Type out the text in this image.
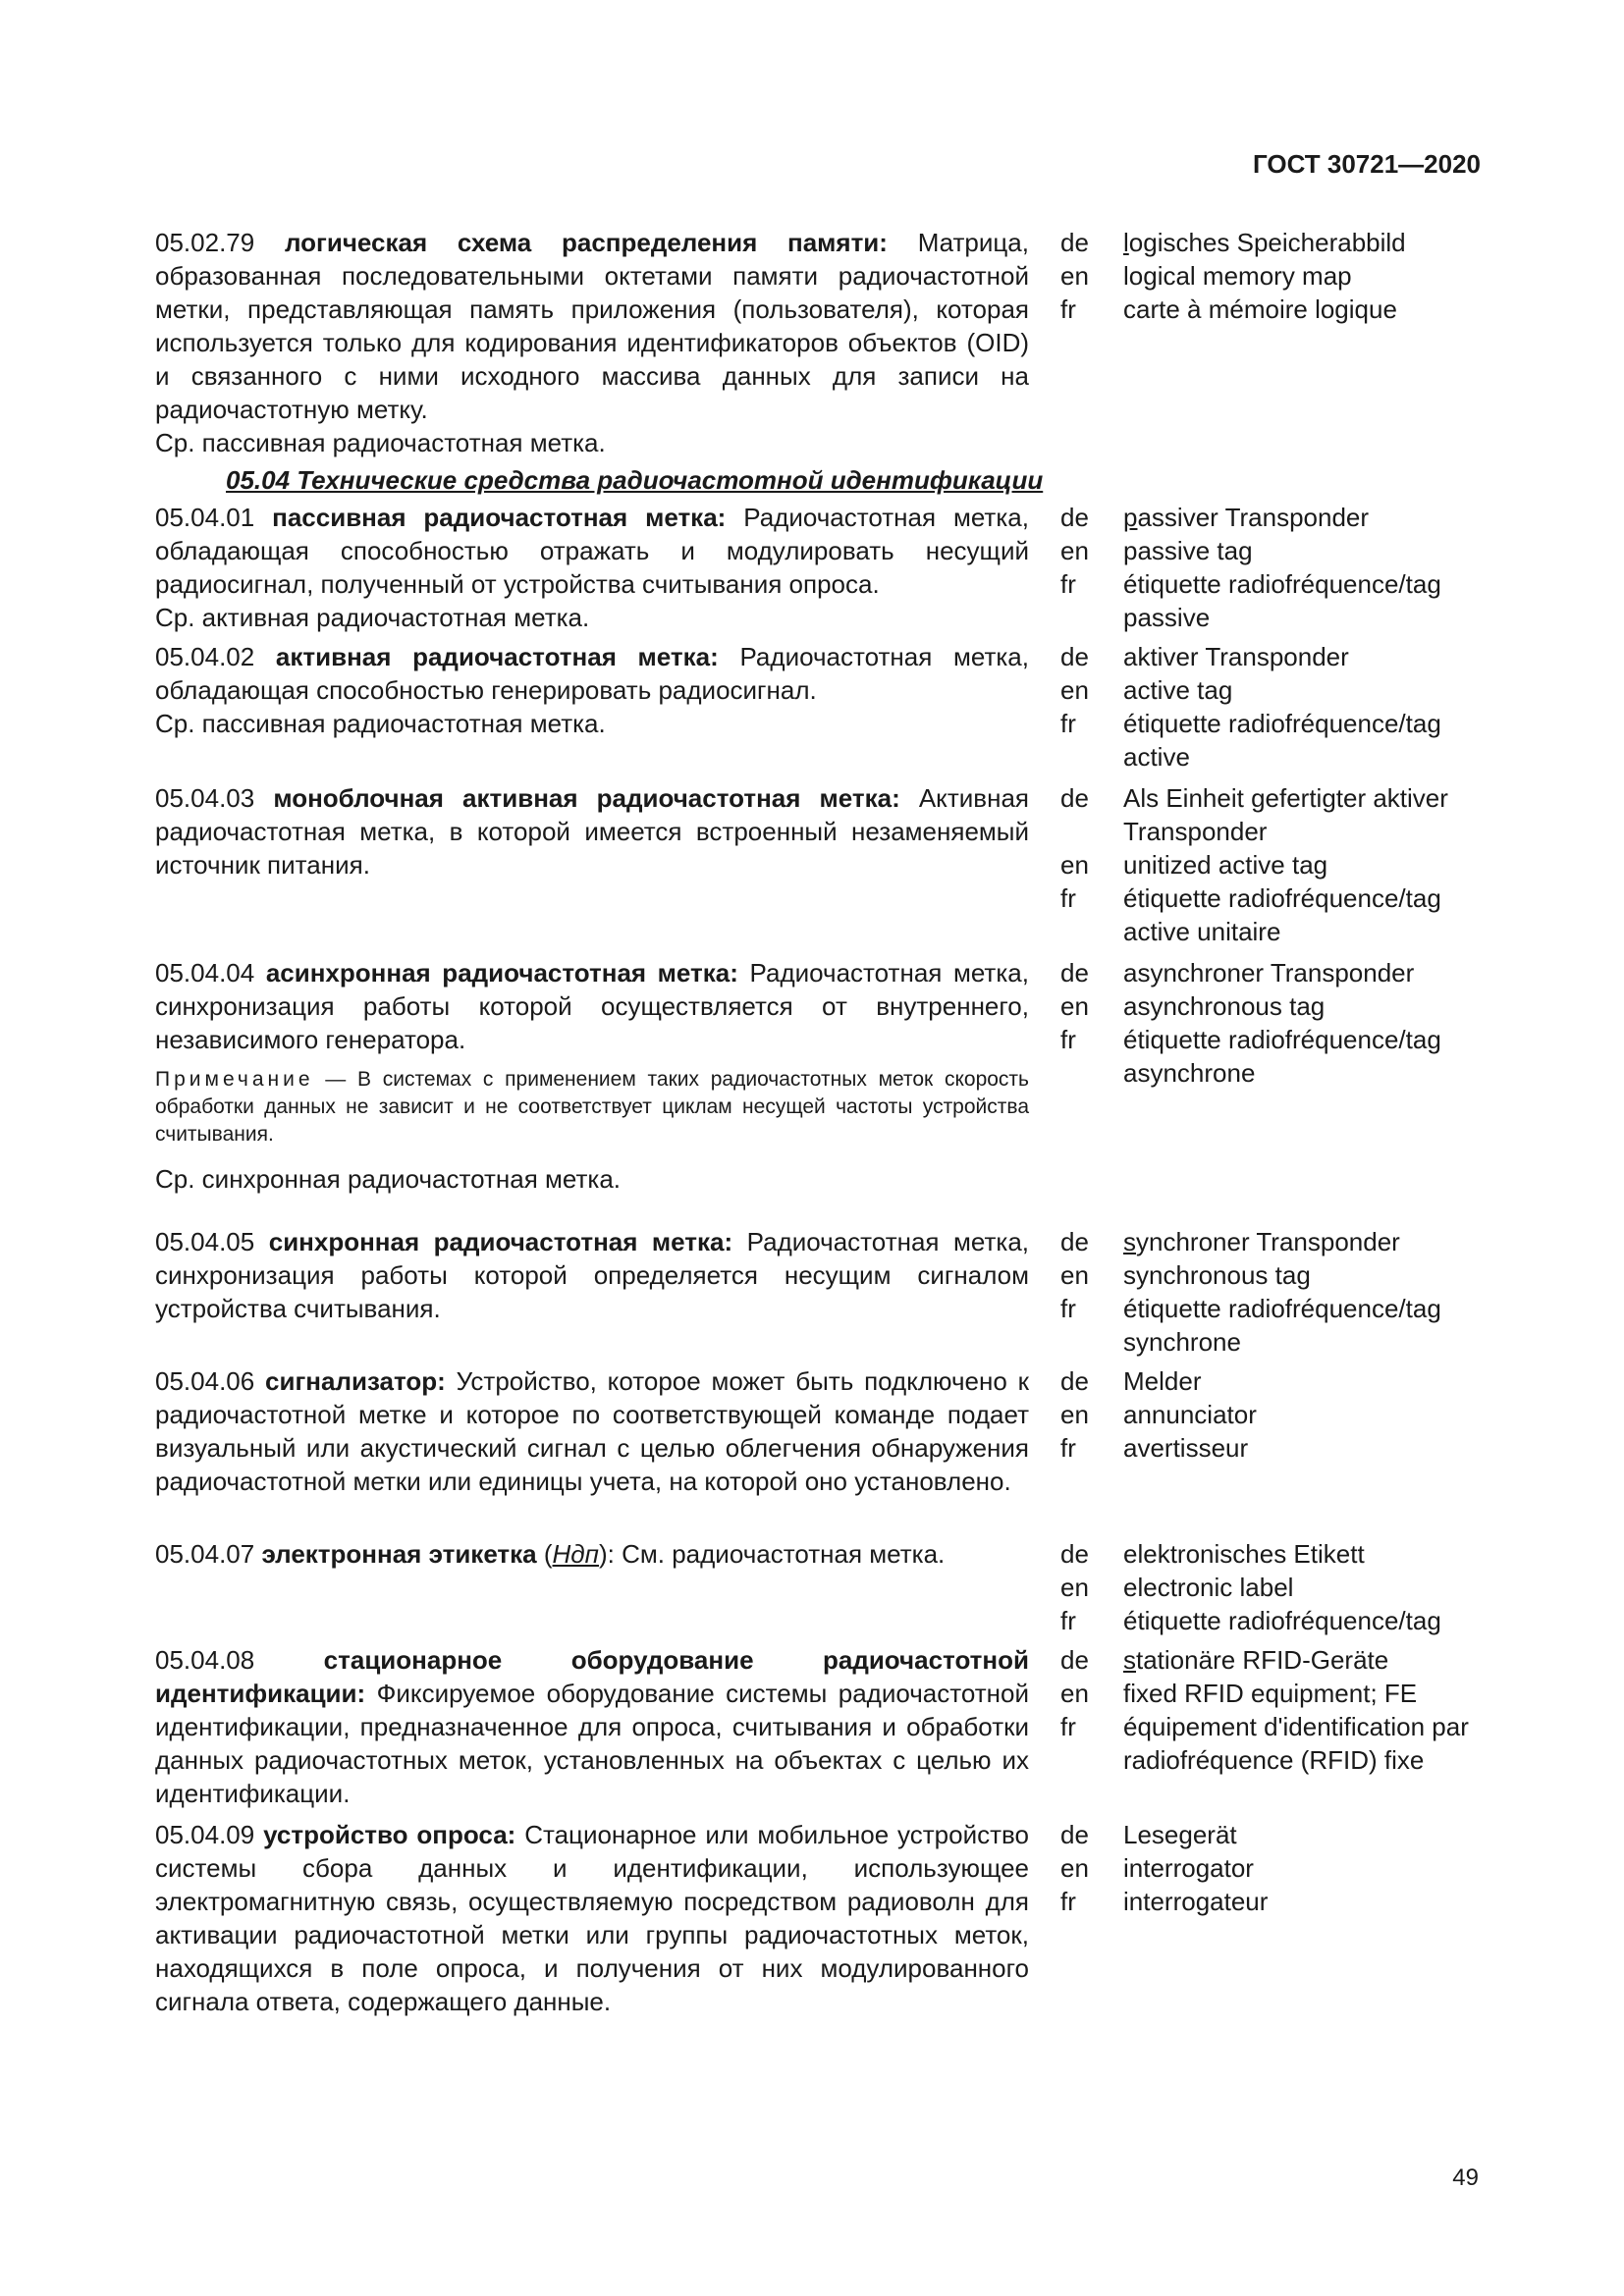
ГОСТ 30721—2020

05.02.79 логическая схема распределения памяти: Матрица, образованная последовательными октетами памяти радиочастотной метки, представляющая память приложения (пользователя), которая используется только для кодирования идентификаторов объектов (OID) и связанного с ними исходного массива данных для записи на радиочастотную метку.

Ср. пассивная радиочастотная метка.

de logisches Speicherabbild
en logical memory map
fr carte à mémoire logique
05.04 Технические средства радиочастотной идентификации

05.04.01 пассивная радиочастотная метка: Радиочастотная метка, обладающая способностью отражать и модулировать несущий радиосигнал, полученный от устройства считывания опроса.

Ср. активная радиочастотная метка.

de passiver Transponder
en passive tag
fr étiquette radiofréquence/tag passive

05.04.02 активная радиочастотная метка: Радиочастотная метка, обладающая способностью генерировать радиосигнал.

Ср. пассивная радиочастотная метка.

de aktiver Transponder
en active tag
fr étiquette radiofréquence/tag active

05.04.03 моноблочная активная радиочастотная метка: Активная радиочастотная метка, в которой имеется встроенный незаменяемый источник питания.

de Als Einheit gefertigter aktiver Transponder
en unitized active tag
fr étiquette radiofréquence/tag active unitaire

05.04.04 асинхронная радиочастотная метка: Радиочастотная метка, синхронизация работы которой осуществляется от внутреннего, независимого генератора.

Примечание — В системах с применением таких радиочастотных меток скорость обработки данных не зависит и не соответствует циклам несущей частоты устройства считывания.

Ср. синхронная радиочастотная метка.

de asynchroner Transponder
en asynchronous tag
fr étiquette radiofréquence/tag asynchrone

05.04.05 синхронная радиочастотная метка: Радиочастотная метка, синхронизация работы которой определяется несущим сигналом устройства считывания.

de synchroner Transponder
en synchronous tag
fr étiquette radiofréquence/tag synchrone

05.04.06 сигнализатор: Устройство, которое может быть подключено к радиочастотной метке и которое по соответствующей команде подает визуальный или акустический сигнал с целью облегчения обнаружения радиочастотной метки или единицы учета, на которой оно установлено.

de Melder
en annunciator
fr avertisseur

05.04.07 электронная этикетка (Ндп): См. радиочастотная метка.	de elektronisches Etikett
en electronic label
fr étiquette radiofréquence/tag

05.04.08	стационарное оборудование радиочастотной идентификации: Фиксируемое оборудование системы радиочастотной идентификации, предназначенное для опроса, считывания и обработки данных радиочастотных меток, установленных на объектах с целью их идентификации.

de stationäre RFID-Geräte
en fixed RFID equipment; FE
fr équipement d'identification par radiofréquence (RFID) fixe

05.04.09 устройство опроса: Стационарное или мобильное устройство системы сбора данных и идентификации, использующее электромагнитную связь, осуществляемую посредством радиоволн для активации радиочастотной метки или группы радиочастотных меток, находящихся в поле опроса, и получения от них модулированного сигнала ответа, содержащего данные.

de Lesegerät
en interrogator
fr interrogateur
49
